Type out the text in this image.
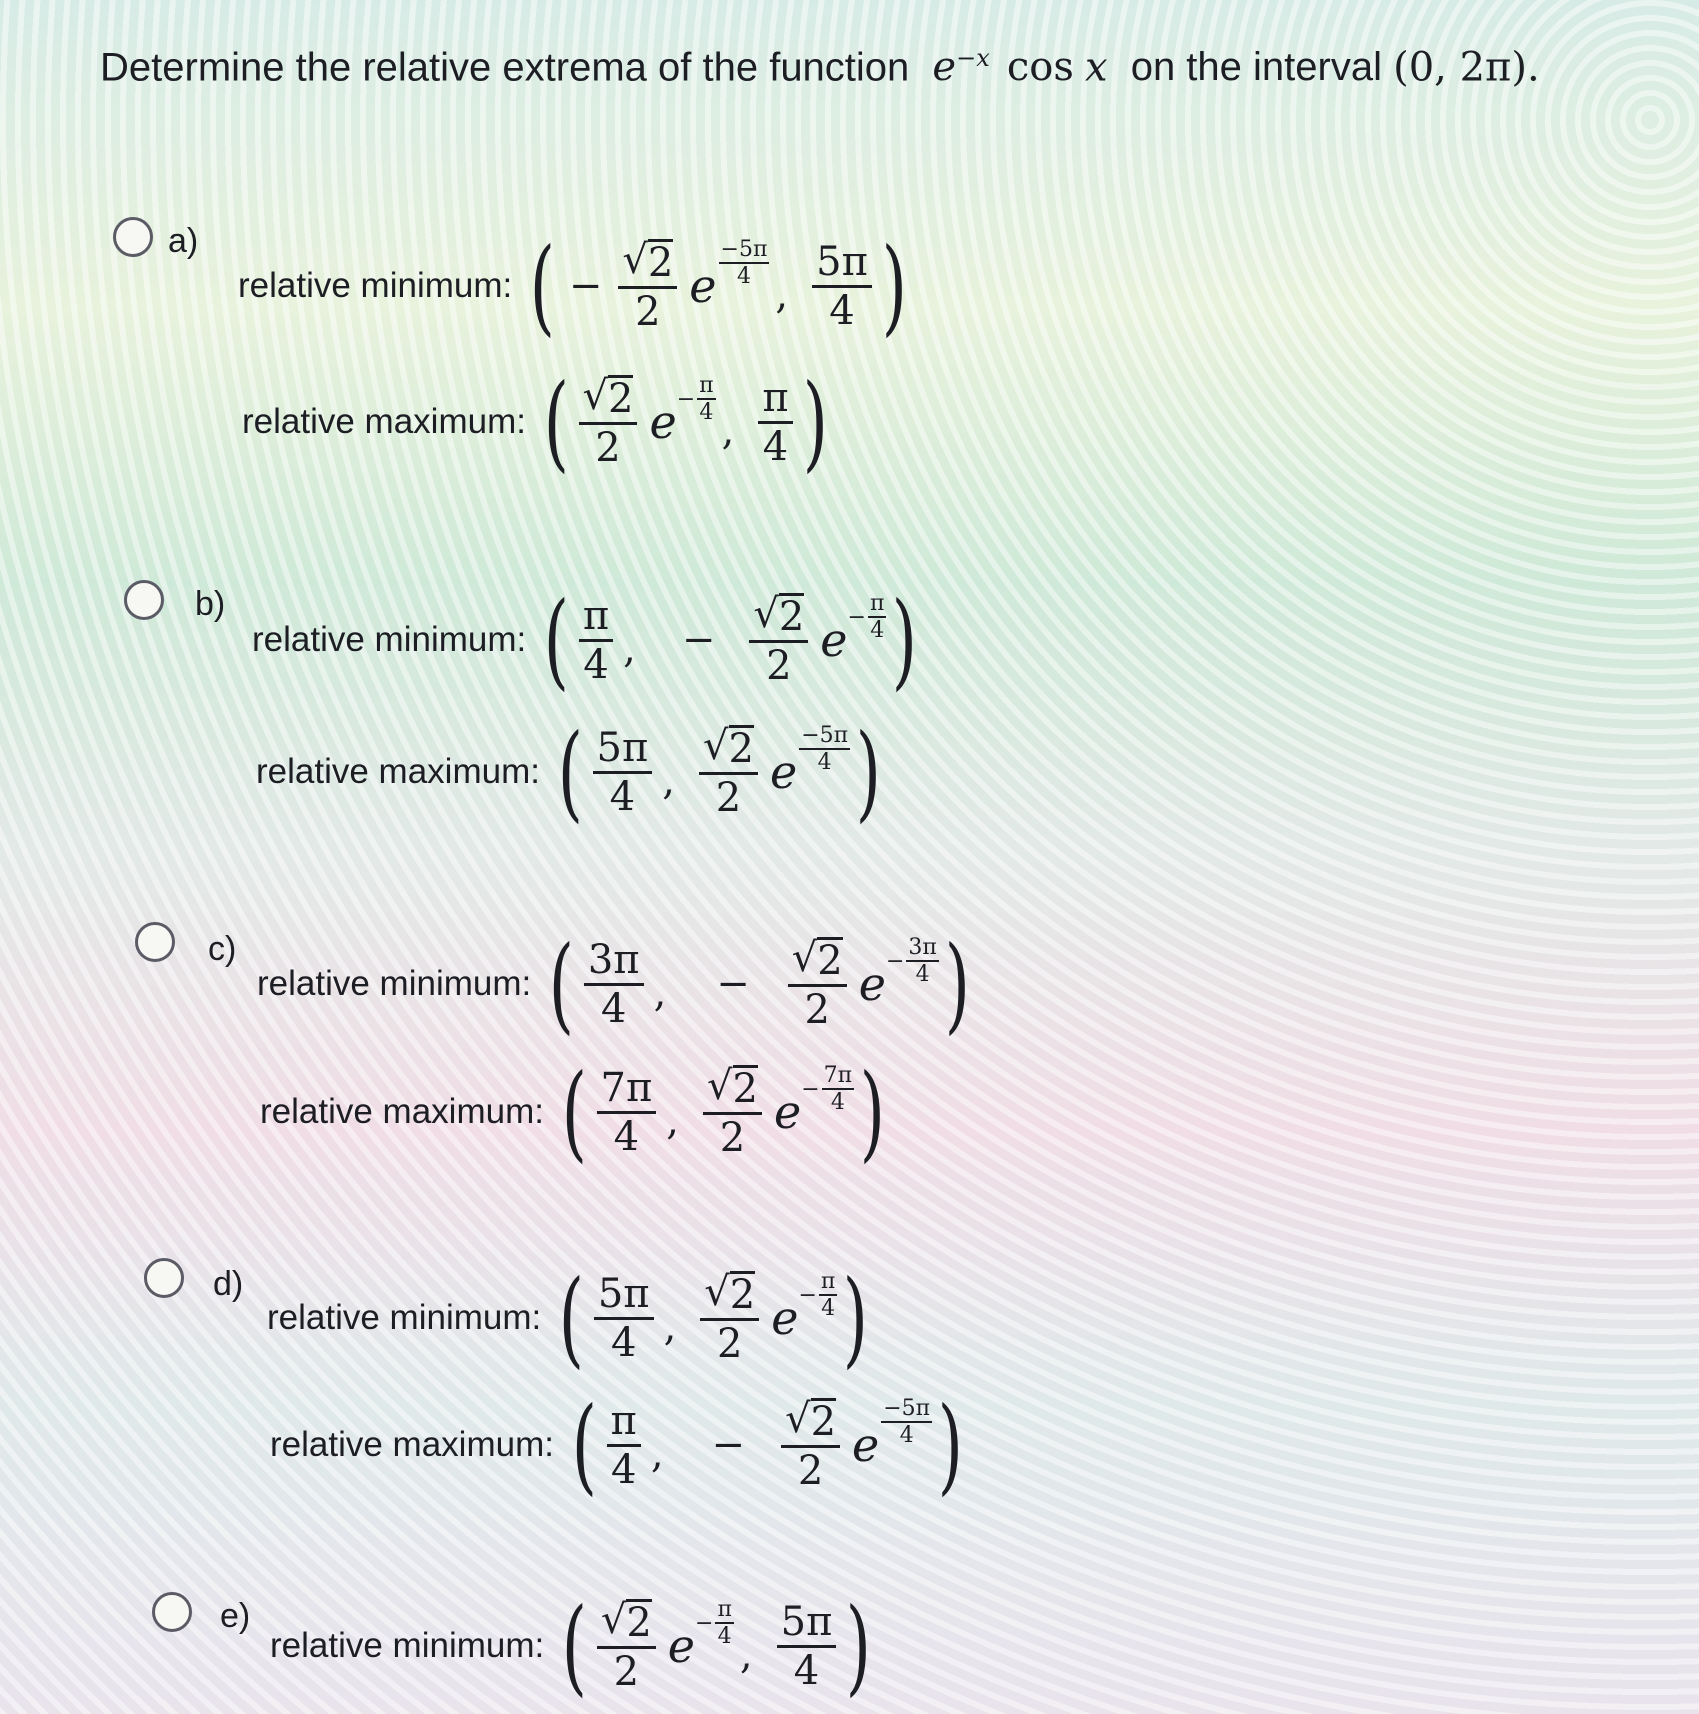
Determine the relative extrema of the function $e^{-x}$ cos x on the interval (0, 2π).
a)
relative minimum: ( − $\frac{√ 2}{2}$ e $\frac{-5\pi}{4}$
, $\frac{5\pi}{4}$ )
relative maximum: ( $\frac{√ 2}{2}$ $e - \frac{\pi}{4}$
, $\frac{\pi}{4}$ )
b)
relative minimum: ( $\frac{\pi}{4}$ , − $\frac{√ 2}{2}$ $e - \frac{\pi}{4}$ )
relative maximum: ( $\frac{5\pi}{4}$ , $\frac{√ 2}{2}$ e $\frac{-5\pi}{4}$ )
c)
relative minimum: ( $\frac{3\pi}{4}$ , − $\frac{√ 2}{2}$ $e - \frac{3\pi}{4}$ )
relative maximum: ( $\frac{7\pi}{4}$ , $\frac{√ 2}{2}$ $e - \frac{7\pi}{4}$ )
d)
relative minimum: ( $\frac{5\pi}{4}$ , $\frac{√ 2}{2}$ $e - \frac{\pi}{4}$ )
relative maximum: ( $\frac{\pi}{4}$ , − $\frac{√ 2}{2}$ e $\frac{-5\pi}{4}$ )
e)
relative minimum: ( $\frac{√ 2}{2}$ $e - \frac{\pi}{4}$
, $\frac{5\pi}{4}$ )
